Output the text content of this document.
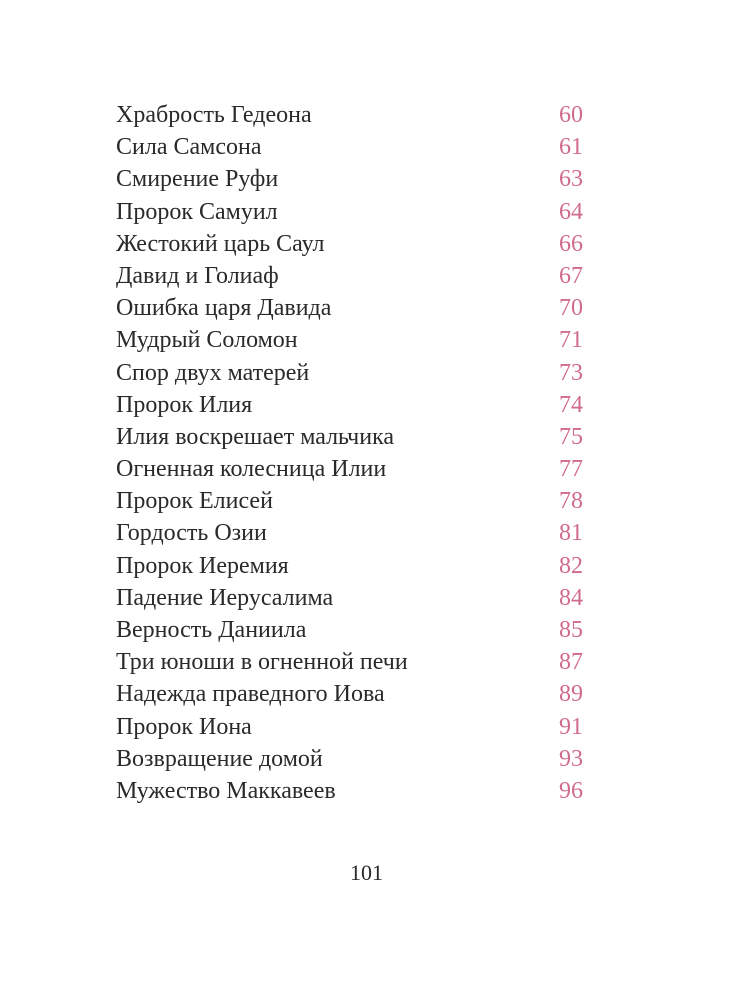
Храбрость Гедеона	60
Сила Самсона	61
Смирение Руфи	63
Пророк Самуил	64
Жестокий царь Саул	66
Давид и Голиаф	67
Ошибка царя Давида	70
Мудрый Соломон	71
Спор двух матерей	73
Пророк Илия	74
Илия воскрешает мальчика	75
Огненная колесница Илии	77
Пророк Елисей	78
Гордость Озии	81
Пророк Иеремия	82
Падение Иерусалима	84
Верность Даниила	85
Три юноши в огненной печи	87
Надежда праведного Иова	89
Пророк Иона	91
Возвращение домой	93
Мужество Маккавеев	96
101
